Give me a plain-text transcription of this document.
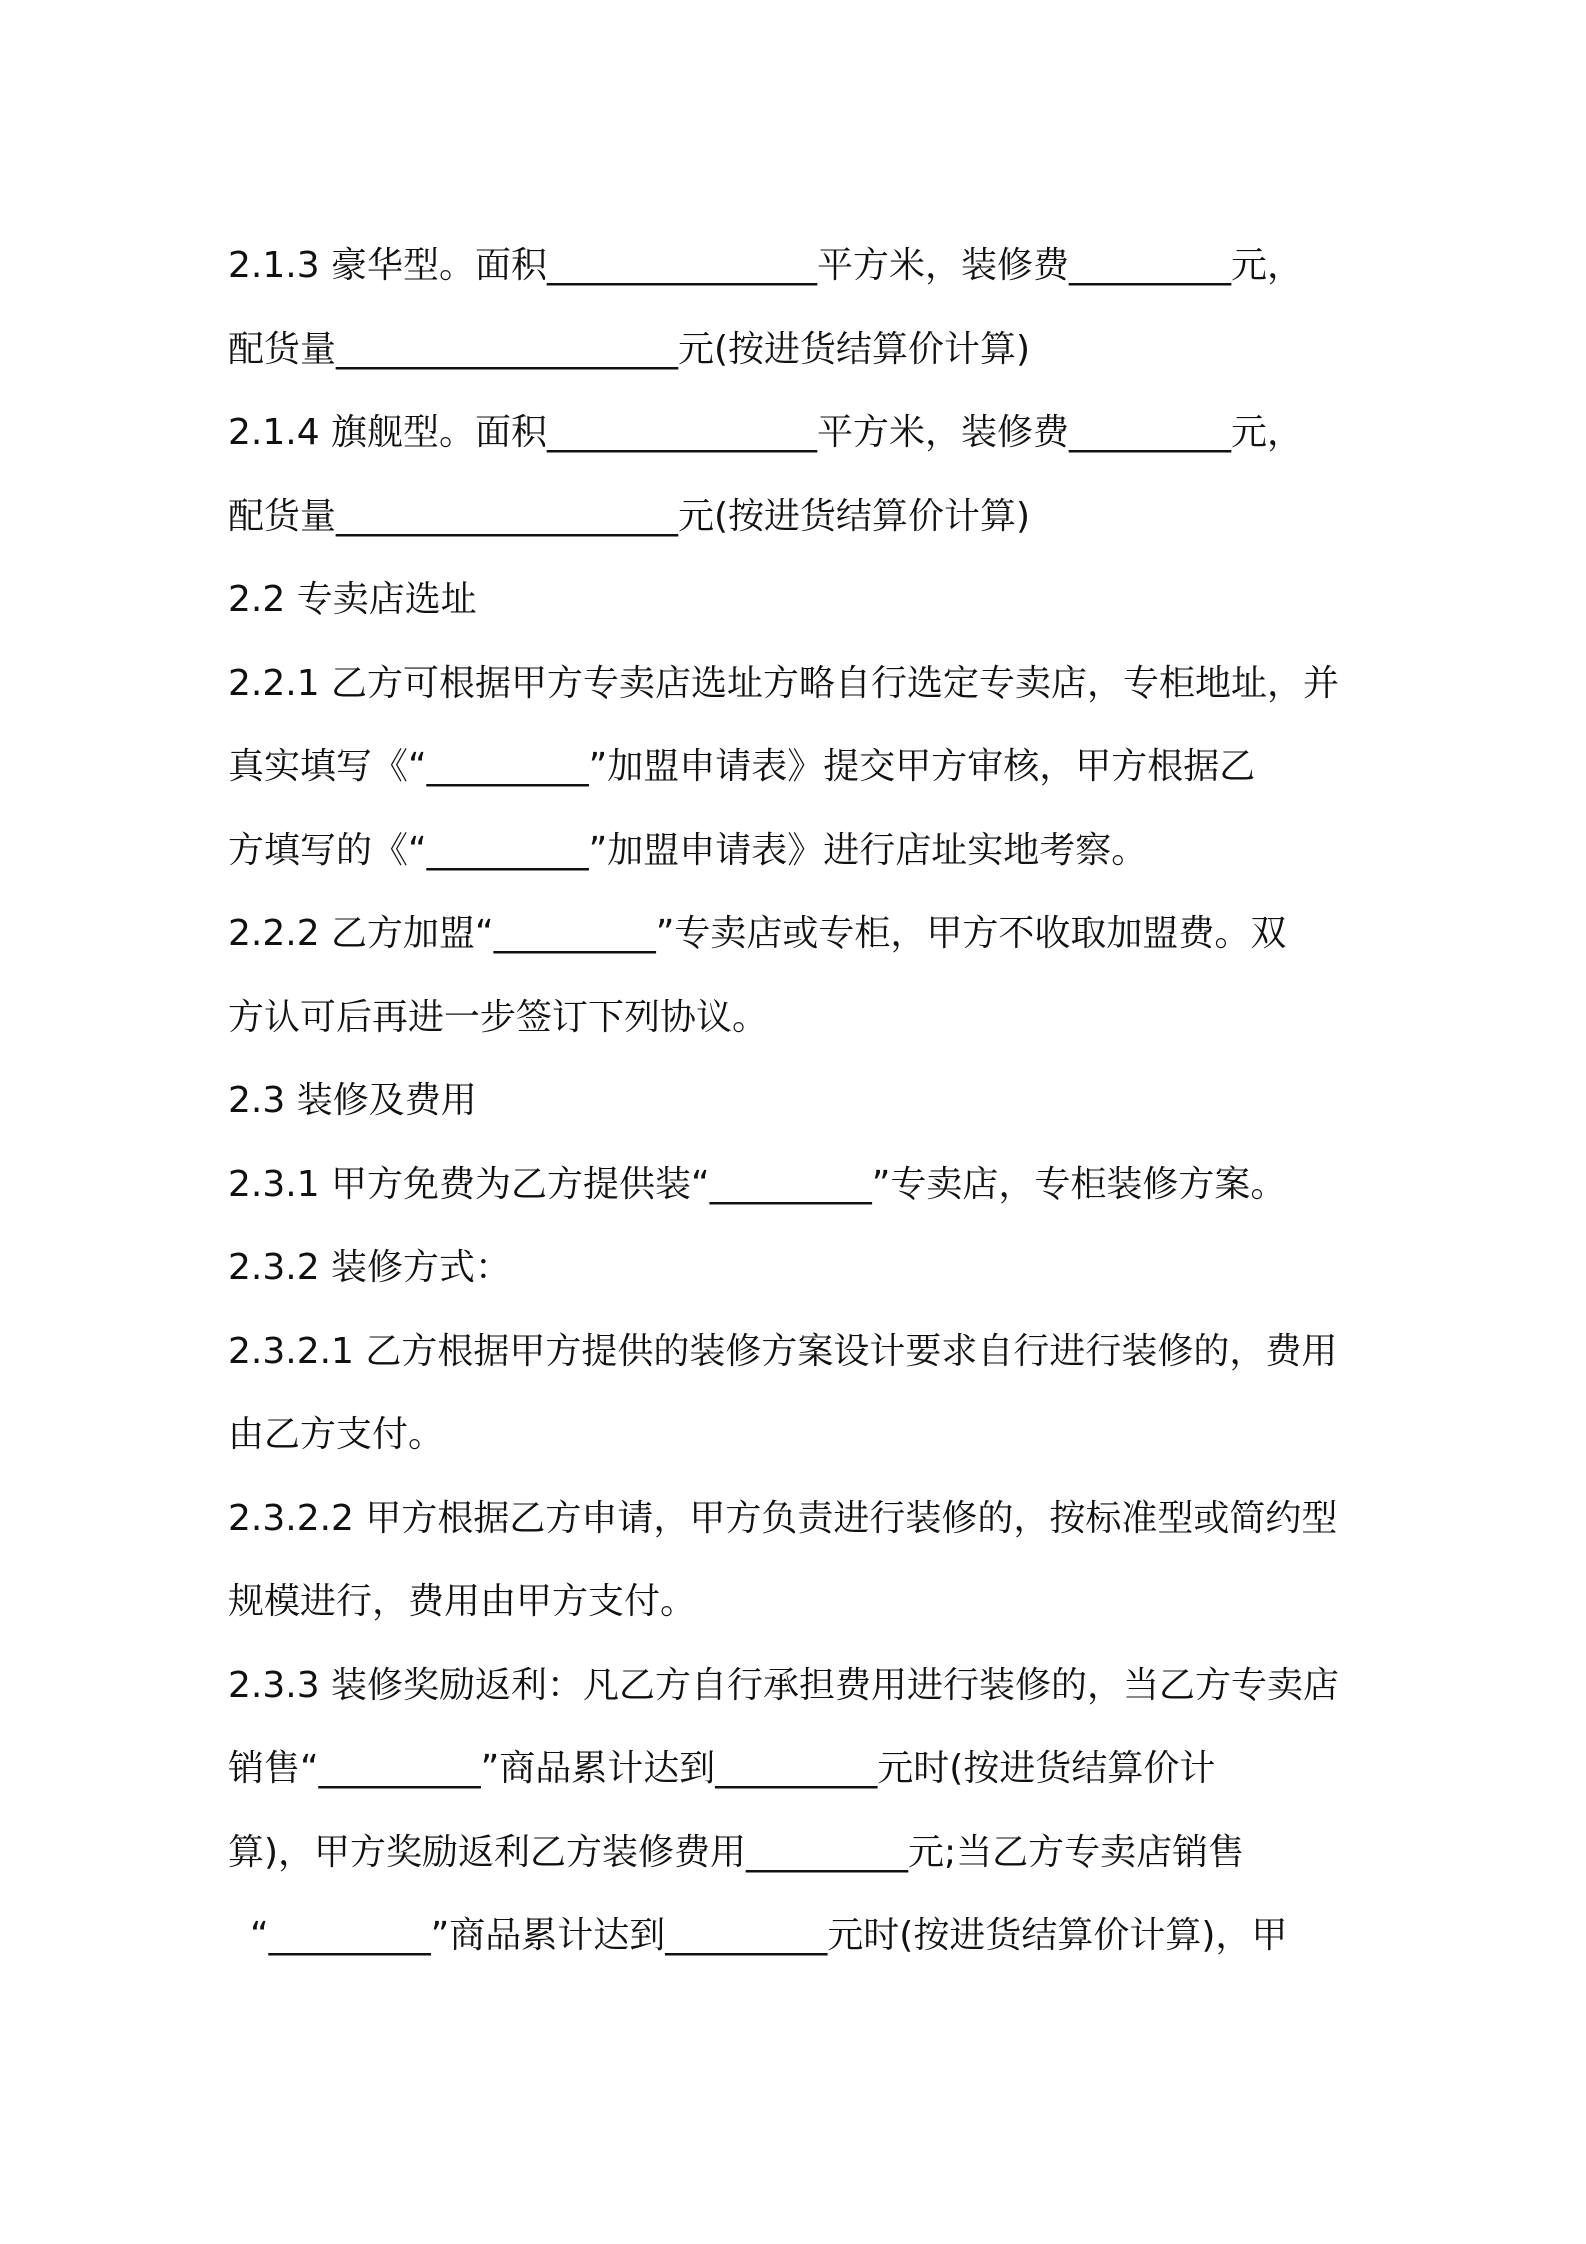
2.1.3 豪华型。面积_______________平方米，装修费_________元，
配货量___________________元(按进货结算价计算)
2.1.4 旗舰型。面积_______________平方米，装修费_________元，
配货量___________________元(按进货结算价计算)
2.2 专卖店选址
2.2.1 乙方可根据甲方专卖店选址方略自行选定专卖店，专柜地址，并
真实填写《“_________”加盟申请表》提交甲方审核，甲方根据乙
方填写的《“_________”加盟申请表》进行店址实地考察。
2.2.2 乙方加盟“_________”专卖店或专柜，甲方不收取加盟费。双
方认可后再进一步签订下列协议。
2.3 装修及费用
2.3.1 甲方免费为乙方提供装“_________”专卖店，专柜装修方案。
2.3.2 装修方式：
2.3.2.1 乙方根据甲方提供的装修方案设计要求自行进行装修的，费用
由乙方支付。
2.3.2.2 甲方根据乙方申请，甲方负责进行装修的，按标准型或简约型
规模进行，费用由甲方支付。
2.3.3 装修奖励返利：凡乙方自行承担费用进行装修的，当乙方专卖店
销售“_________”商品累计达到_________元时(按进货结算价计
算)，甲方奖励返利乙方装修费用_________元;当乙方专卖店销售
“_________”商品累计达到_________元时(按进货结算价计算)，甲
